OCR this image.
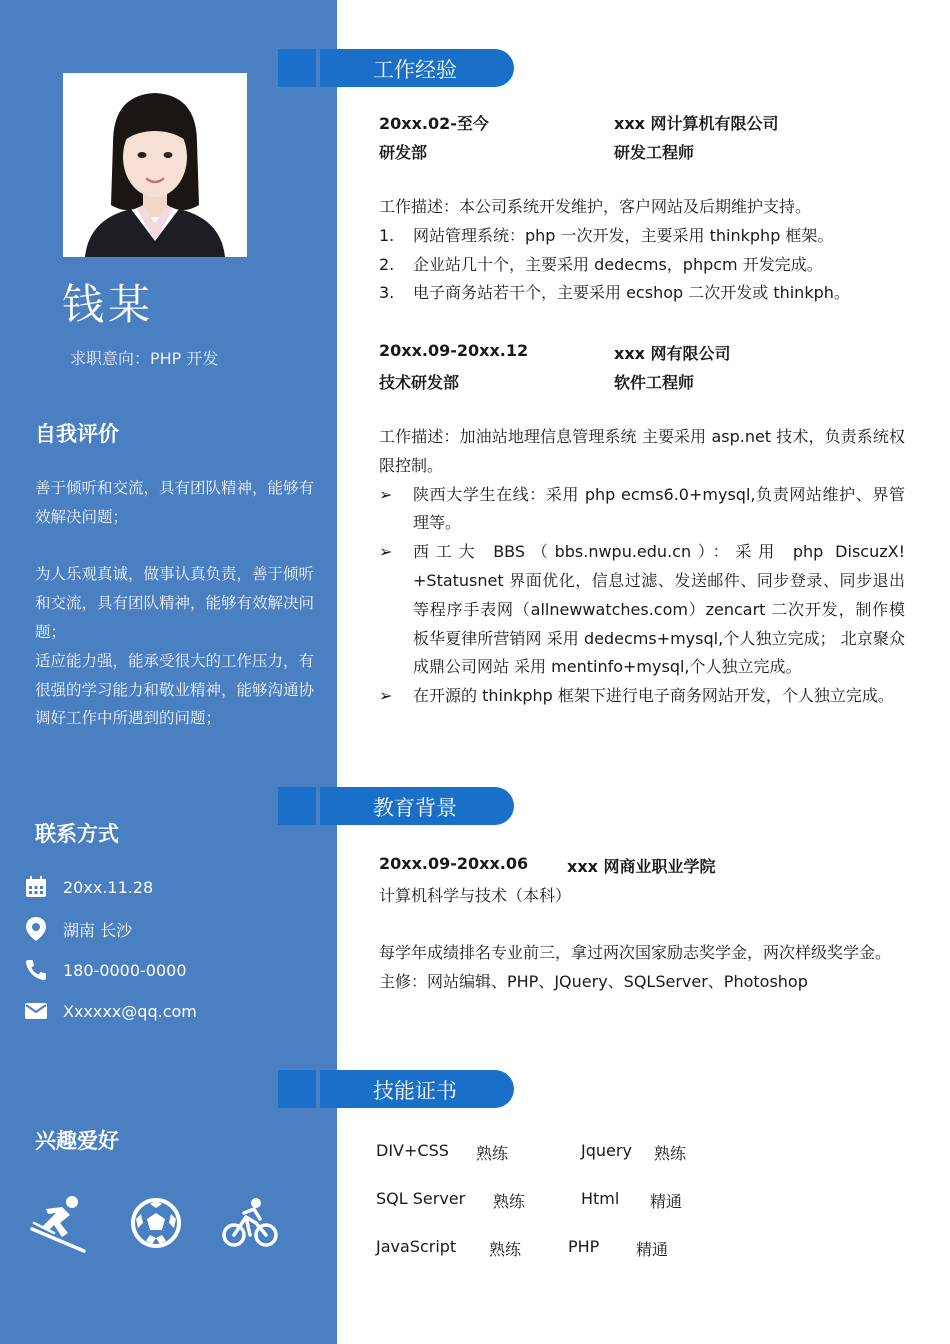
钱某
求职意向：PHP 开发
自我评价

善于倾听和交流，具有团队精神，能够有效解决问题；

为人乐观真诚，做事认真负责，善于倾听和交流，具有团队精神，能够有效解决问题；

适应能力强，能承受很大的工作压力，有很强的学习能力和敬业精神，能够沟通协调好工作中所遇到的问题；

联系方式
20xx.11.28
湖南 长沙
180-0000-0000
Xxxxxx@qq.com
兴趣爱好
工作经验
20xx.02-至今	xxx 网计算机有限公司
研发部	研发工程师

工作描述：本公司系统开发维护，客户网站及后期维护支持。

1. 网站管理系统：php 一次开发，主要采用 thinkphp 框架。

2. 企业站几十个，主要采用 dedecms，phpcm 开发完成。

3. 电子商务站若干个，主要采用 ecshop 二次开发或 thinkph。

20xx.09-20xx.12	xxx 网有限公司
技术研发部	软件工程师

工作描述：加油站地理信息管理系统 主要采用 asp.net 技术，负责系统权限控制。

➢ 陕西大学生在线：采用 php ecms6.0+mysql,负责网站维护、界管理等。

➢ 西工大 BBS（bbs.nwpu.edu.cn）：采用 php DiscuzX! +Statusnet 界面优化，信息过滤、发送邮件、同步登录、同步退出等程序手表网（allnewwatches.com）zencart 二次开发，制作模板华夏律所营销网 采用 dedecms+mysql,个人独立完成； 北京聚众成鼎公司网站 采用 mentinfo+mysql,个人独立完成。

➢ 在开源的 thinkphp 框架下进行电子商务网站开发，个人独立完成。

教育背景
20xx.09-20xx.06 xxx 网商业职业学院
计算机科学与技术（本科）
每学年成绩排名专业前三，拿过两次国家励志奖学金，两次样级奖学金。
主修：网站编辑、PHP、JQuery、SQLServer、Photoshop
技能证书
DIV+CSS 熟练	Jquery 熟练
SQL Server 熟练	Html 精通
JavaScript 熟练	PHP 精通
